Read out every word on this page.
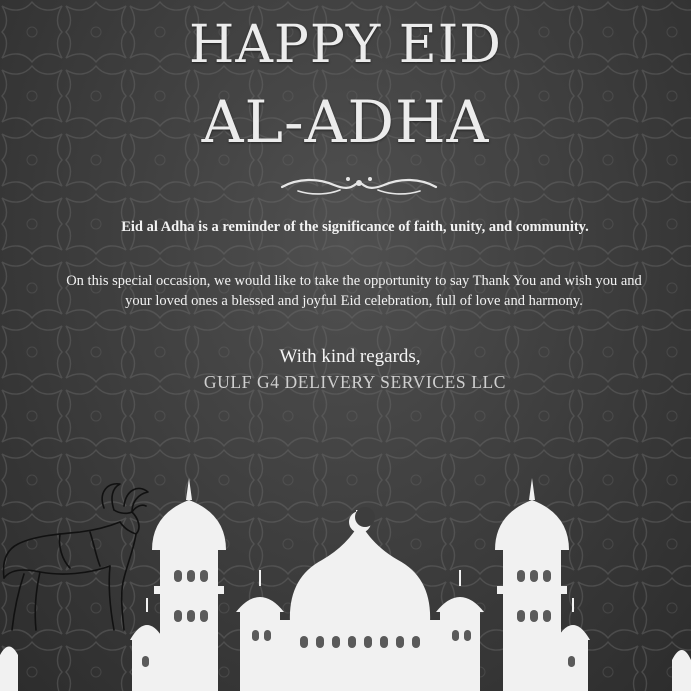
HAPPY EID
AL-ADHA

Eid al Adha is a reminder of the significance of faith, unity, and community.

On this special occasion, we would like to take the opportunity to say Thank You and wish you and your loved ones a blessed and joyful Eid celebration, full of love and harmony.

With kind regards,

GULF G4 DELIVERY SERVICES LLC
